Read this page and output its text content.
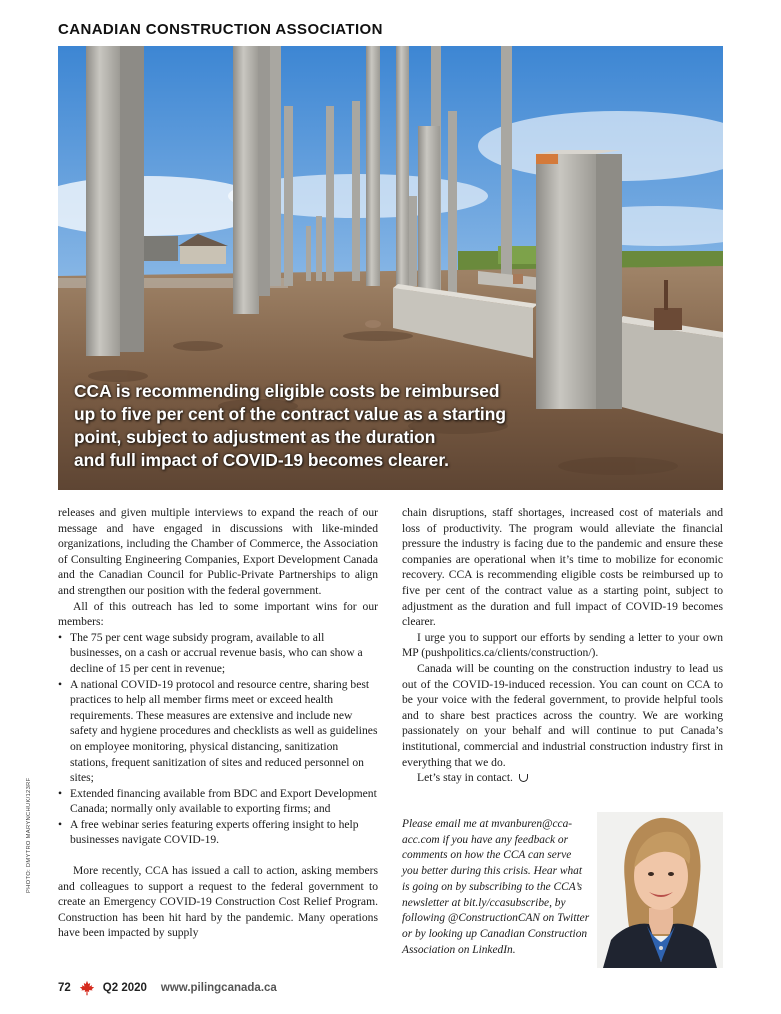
CANADIAN CONSTRUCTION ASSOCIATION

CCA is recommending eligible costs be reimbursed
up to five per cent of the contract value as a starting
point, subject to adjustment as the duration
and full impact of COVID-19 becomes clearer.

releases and given multiple interviews to expand the reach of our message and have engaged in discussions with like-minded organizations, including the Chamber of Commerce, the Association of Consulting Engineering Companies, Export Development Canada and the Canadian Council for Public-Private Partnerships to align and strengthen our position with the federal government.

All of this outreach has led to some important wins for our members:

• The 75 per cent wage subsidy program, available to all businesses, on a cash or accrual revenue basis, who can show a decline of 15 per cent in revenue;
• A national COVID-19 protocol and resource centre, sharing best practices to help all member firms meet or exceed health requirements. These measures are extensive and include new safety and hygiene procedures and checklists as well as guidelines on employee monitoring, physical distancing, sanitization stations, frequent sanitization of sites and reduced personnel on sites;
• Extended financing available from BDC and Export Development Canada; normally only available to exporting firms; and
• A free webinar series featuring experts offering insight to help businesses navigate COVID-19.

More recently, CCA has issued a call to action, asking members and colleagues to support a request to the federal government to create an Emergency COVID-19 Construction Cost Relief Program. Construction has been hit hard by the pandemic. Many operations have been impacted by supply

chain disruptions, staff shortages, increased cost of materials and loss of productivity. The program would alleviate the financial pressure the industry is facing due to the pandemic and ensure these companies are operational when it’s time to mobilize for economic recovery. CCA is recommending eligible costs be reimbursed up to five per cent of the contract value as a starting point, subject to adjustment as the duration and full impact of COVID-19 becomes clearer.

I urge you to support our efforts by sending a letter to your own MP (pushpolitics.ca/clients/construction/).

Canada will be counting on the construction industry to lead us out of the COVID-19-induced recession. You can count on CCA to be your voice with the federal government, to provide helpful tools and to share best practices across the country. We are working passionately on your behalf and will continue to put Canada’s institutional, commercial and industrial construction industry first in everything that we do.

Let’s stay in contact.

Please email me at mvanburen@cca-acc.com if you have any feedback or comments on how the CCA can serve you better during this crisis. Hear what is going on by subscribing to the CCA’s newsletter at bit.ly/ccasubscribe, by following @ConstructionCAN on Twitter or by looking up Canadian Construction Association on LinkedIn.

PHOTO: DMYTRO MARYNCHUK/123RF
72	Q2 2020 www.pilingcanada.ca
